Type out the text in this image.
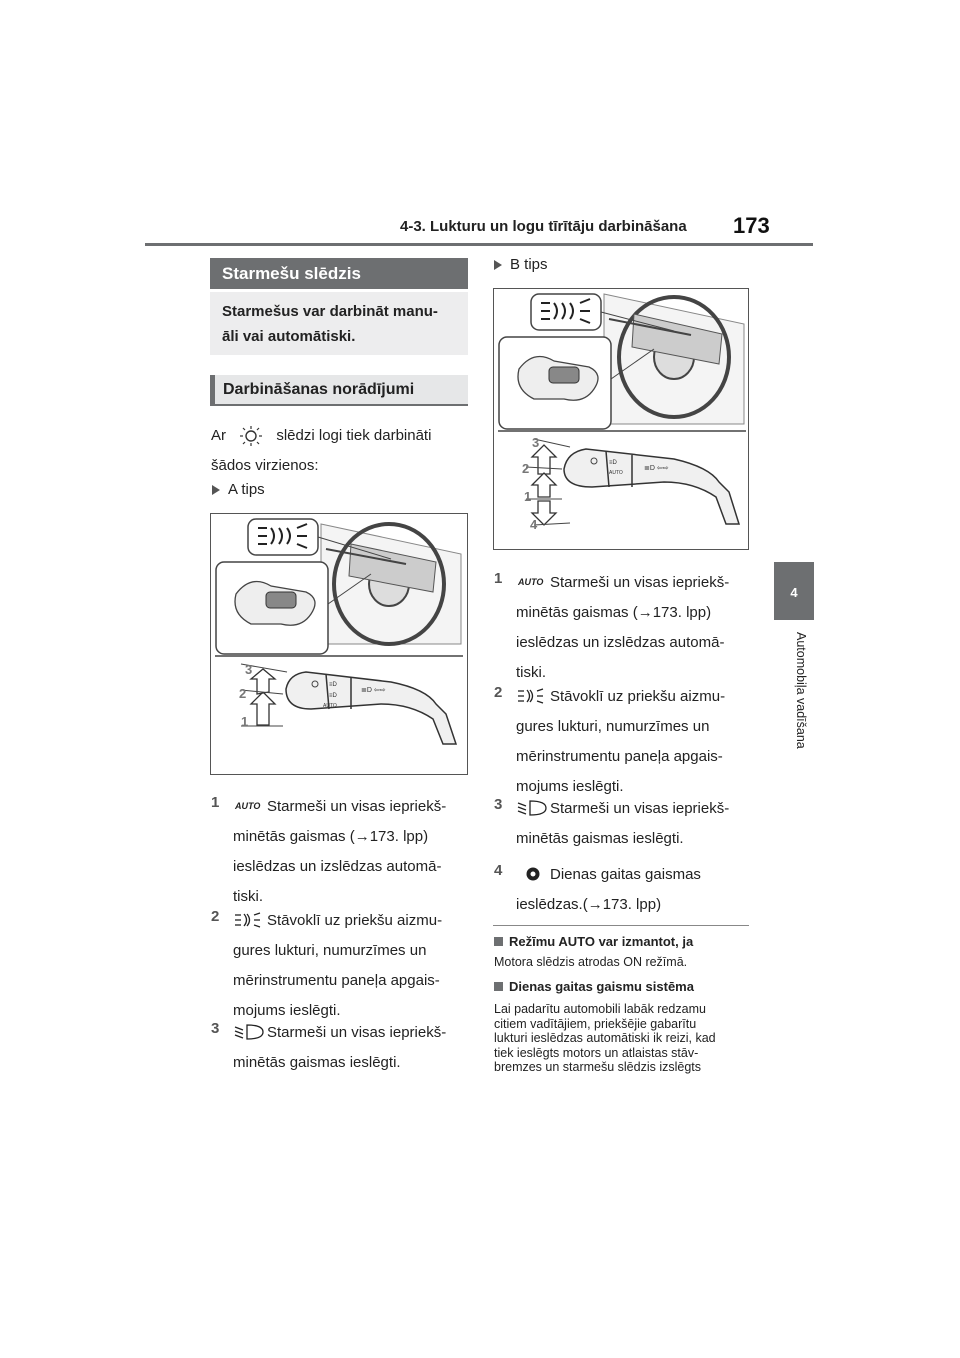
4-3. Lukturu un logu tīrītāju darbināšana 173
4
Automobiļa vadīšana
Starmešu slēdzis
Starmešus var darbināt manu-
āli vai automātiski.
Darbināšanas norādījumi
Ar	slēdzi logi tiek darbināti
šādos virzienos:
A tips
≡D
≡D
AUTO
≣D ⇦⇨
3
2
1
1 AUTO Starmeši un visas iepriekš-
minētās gaismas (→173. lpp)
ieslēdzas un izslēdzas automā-
tiski.
2	Stāvoklī uz priekšu aizmu-
gures lukturi, numurzīmes un
mērinstrumentu paneļa apgais-
mojums ieslēgti.
3	Starmeši un visas iepriekš-
minētās gaismas ieslēgti.
B tips
≡D
AUTO
≣D ⇦⇨
3
2
1
4
1 AUTO Starmeši un visas iepriekš-
minētās gaismas (→173. lpp)
ieslēdzas un izslēdzas automā-
tiski.
2	Stāvoklī uz priekšu aizmu-
gures lukturi, numurzīmes un
mērinstrumentu paneļa apgais-
mojums ieslēgti.
3	Starmeši un visas iepriekš-
minētās gaismas ieslēgti.
4	Dienas gaitas gaismas
ieslēdzas.(→173. lpp)
Režīmu AUTO var izmantot, ja
Motora slēdzis atrodas ON režīmā.
Dienas gaitas gaismu sistēma
Lai padarītu automobili labāk redzamu
citiem vadītājiem, priekšējie gabarītu
lukturi ieslēdzas automātiski ik reizi, kad
tiek ieslēgts motors un atlaistas stāv-
bremzes un starmešu slēdzis izslēgts
